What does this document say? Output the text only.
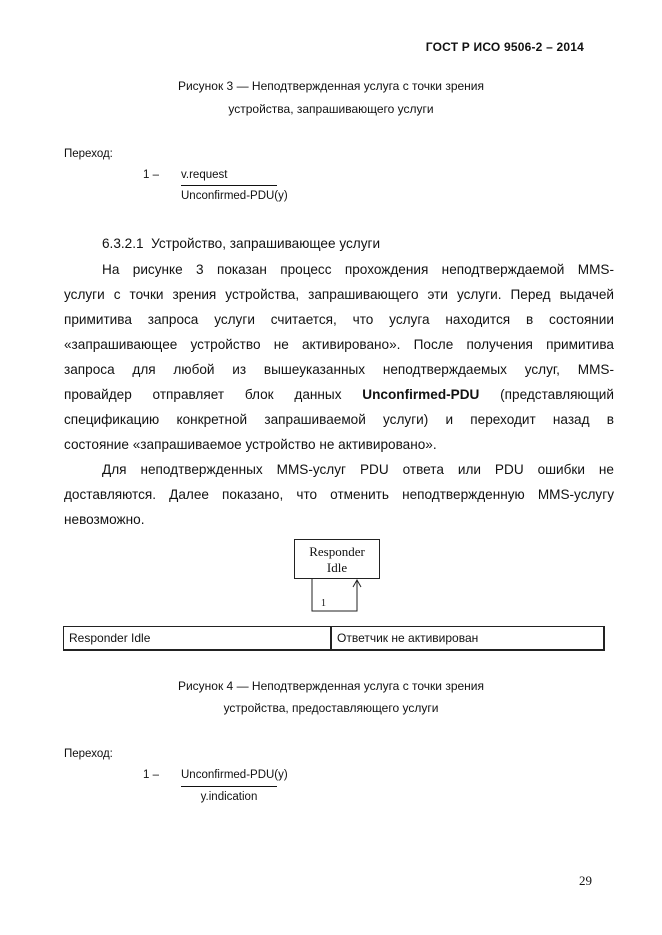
ГОСТ Р ИСО 9506-2 – 2014
Рисунок 3 — Неподтвержденная услуга с точки зрения
устройства, запрашивающего услуги
Переход:
1 – v.request
Unconfirmed-PDU(y)
6.3.2.1  Устройство, запрашивающее услуги
На рисунке 3 показан процесс прохождения неподтверждаемой MMS-
услуги с точки зрения устройства, запрашивающего эти услуги. Перед выдачей
примитива запроса услуги считается, что услуга находится в состоянии
«запрашивающее устройство не активировано». После получения примитива
запроса для любой из вышеуказанных неподтверждаемых услуг, MMS-
провайдер отправляет блок данных Unconfirmed-PDU (представляющий
спецификацию конкретной запрашиваемой услуги) и переходит назад в
состояние «запрашиваемое устройство не активировано».
Для неподтвержденных MMS-услуг PDU ответа или PDU ошибки не
доставляются. Далее показано, что отменить неподтвержденную MMS-услугу
невозможно.
Responder
Idle
1
Responder Idle	Ответчик не активирован
Рисунок 4 — Неподтвержденная услуга с точки зрения
устройства, предоставляющего услуги
Переход:
1 – Unconfirmed-PDU(y)
y.indication
29
